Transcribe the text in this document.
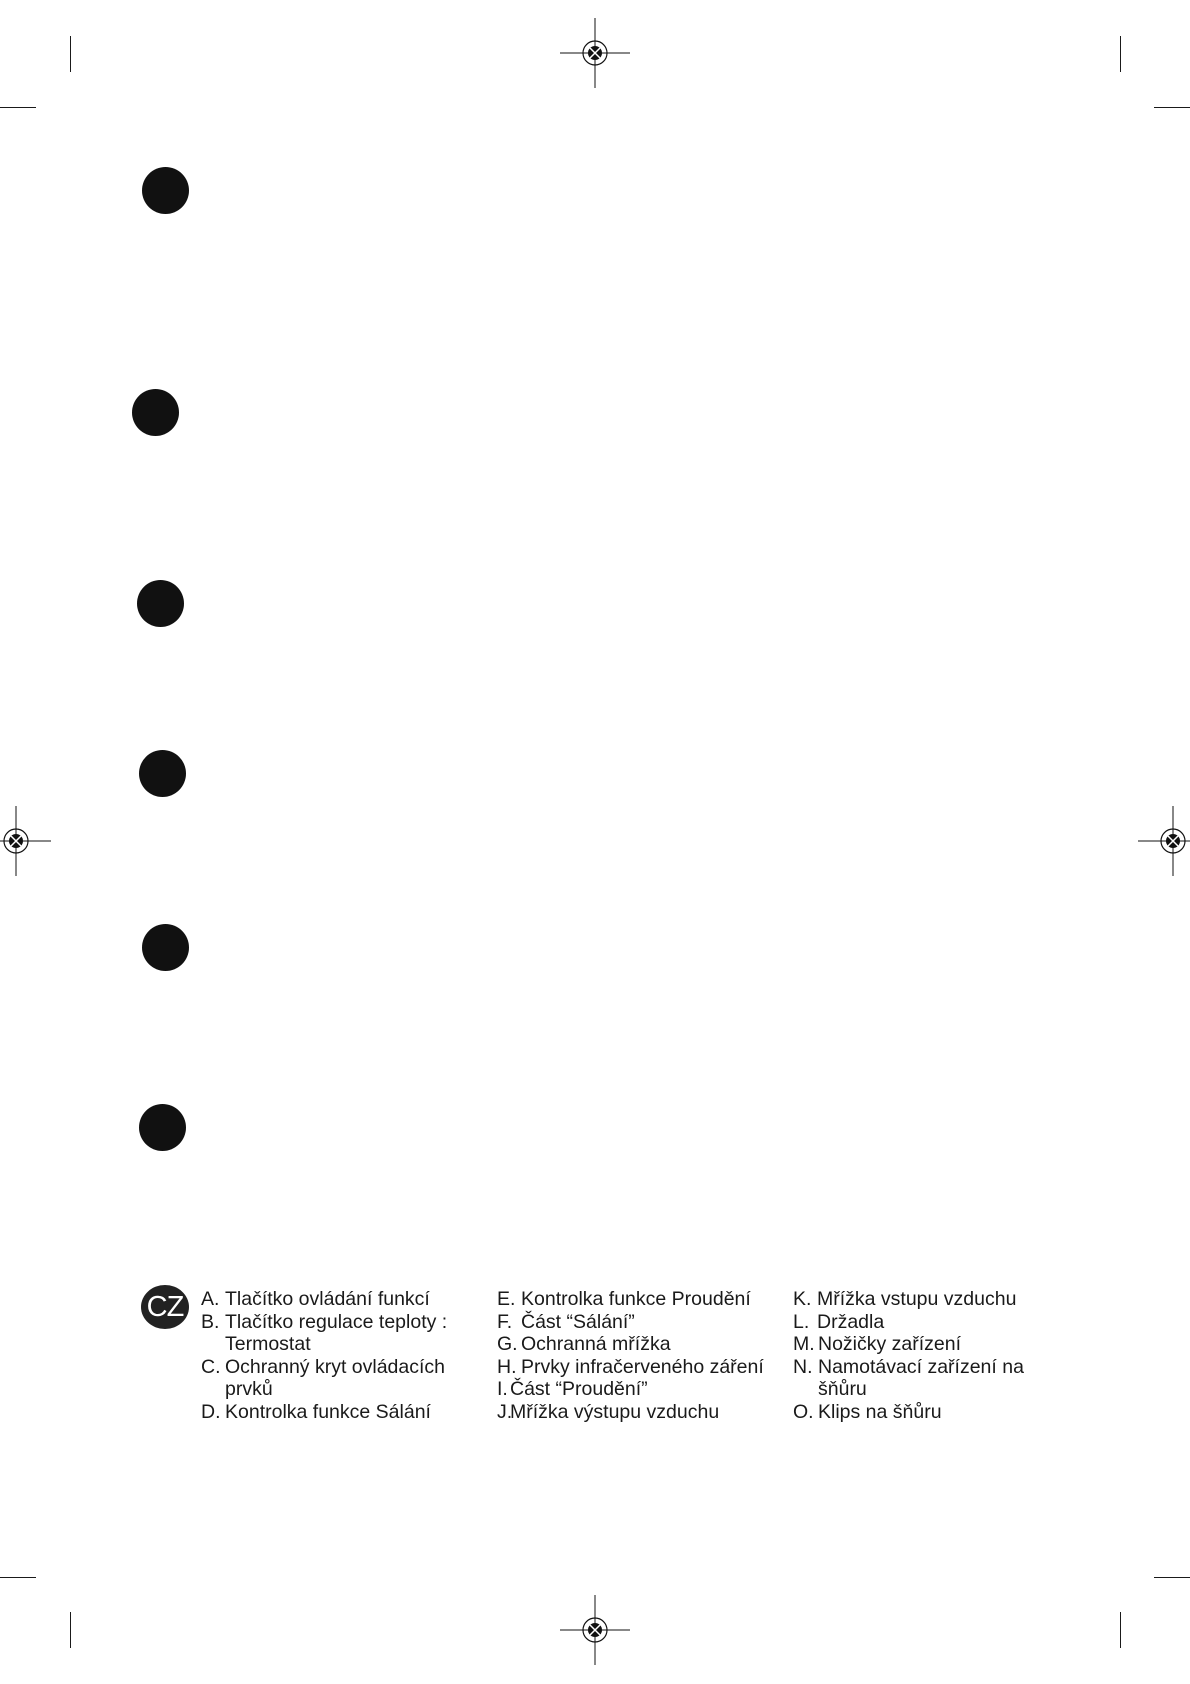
CZ A. Tlačítko ovládání funkcí
B. Tlačítko regulace teploty : Termostat
C. Ochranný kryt ovládacích prvků
D. Kontrolka funkce Sálání
E. Kontrolka funkce Proudění
F. Část “Sálání”
G. Ochranná mřížka
H. Prvky infračerveného záření
I. Část “Proudění”
J.
Mřížka výstupu vzduchu
K. Mřížka vstupu vzduchu
L. Držadla
M. Nožičky zařízení
N. Namotávací zařízení na šňůru
O. Klips na šňůru
